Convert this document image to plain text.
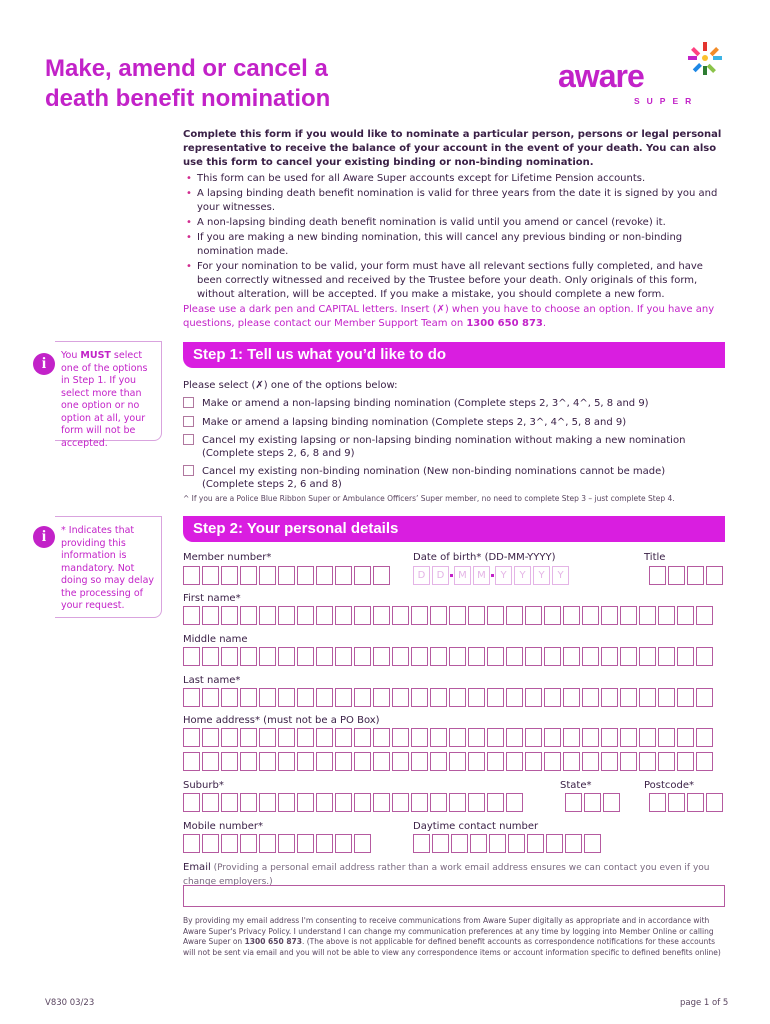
Make, amend or cancel a
death benefit nomination
aware
SUPER
Complete this form if you would like to nominate a particular person, persons or legal personal representative to receive the balance of your account in the event of your death. You can also use this form to cancel your existing binding or non-binding nomination.
• This form can be used for all Aware Super accounts except for Lifetime Pension accounts.
• A lapsing binding death benefit nomination is valid for three years from the date it is signed by you and your witnesses.
• A non-lapsing binding death benefit nomination is valid until you amend or cancel (revoke) it.
• If you are making a new binding nomination, this will cancel any previous binding or non-binding nomination made.
• For your nomination to be valid, your form must have all relevant sections fully completed, and have been correctly witnessed and received by the Trustee before your death. Only originals of this form, without alteration, will be accepted. If you make a mistake, you should complete a new form.
Please use a dark pen and CAPITAL letters. Insert (✗) when you have to choose an option. If you have any questions, please contact our Member Support Team on 1300 650 873.
i	You MUST select one of the options in Step 1. If you select more than one option or no option at all, your form will not be accepted.
Step 1: Tell us what you’d like to do
Please select (✗) one of the options below:
Make or amend a non-lapsing binding nomination (Complete steps 2, 3^, 4^, 5, 8 and 9)
Make or amend a lapsing binding nomination (Complete steps 2, 3^, 4^, 5, 8 and 9)
Cancel my existing lapsing or non-lapsing binding nomination without making a new nomination (Complete steps 2, 6, 8 and 9)
Cancel my existing non-binding nomination (New non-binding nominations cannot be made) (Complete steps 2, 6 and 8)
^ If you are a Police Blue Ribbon Super or Ambulance Officers’ Super member, no need to complete Step 3 – just complete Step 4.
i	* Indicates that providing this information is mandatory. Not doing so may delay the processing of your request.
Step 2: Your personal details
Member number*	Date of birth* (DD-MM-YYYY)	Title
D	D	M	M	Y	Y	Y	Y
First name*
Middle name
Last name*
Home address* (must not be a PO Box)
Suburb*	State*	Postcode*
Mobile number*	Daytime contact number
Email (Providing a personal email address rather than a work email address ensures we can contact you even if you change employers.)
By providing my email address I'm consenting to receive communications from Aware Super digitally as appropriate and in accordance with Aware Super's Privacy Policy. I understand I can change my communication preferences at any time by logging into Member Online or calling Aware Super on 1300 650 873. (The above is not applicable for defined benefit accounts as correspondence notifications for these accounts will not be sent via email and you will not be able to view any correspondence items or account information specific to defined benefits online)
V830 03/23	page 1 of 5
